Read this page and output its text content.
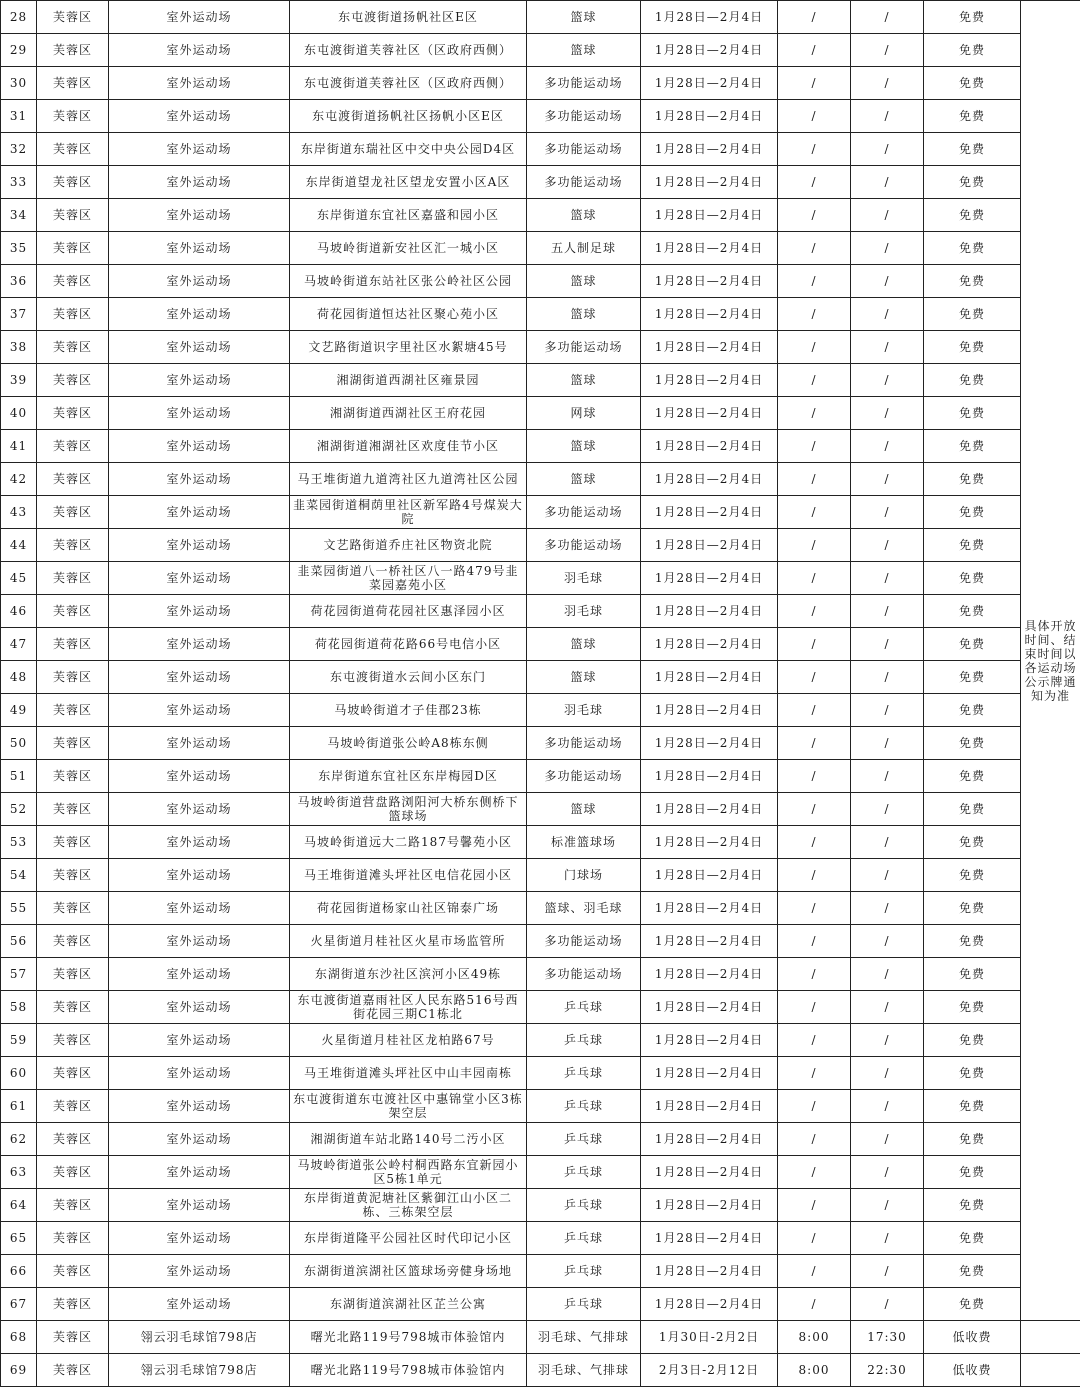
28	芙蓉区	室外运动场	东屯渡街道扬帆社区E区	篮球	1月28日—2月4日	/	/	免费	具体开放时间、结束时间以各运动场公示牌通知为准
29	芙蓉区	室外运动场	东屯渡街道芙蓉社区（区政府西侧）	篮球	1月28日—2月4日	/	/	免费	
30	芙蓉区	室外运动场	东屯渡街道芙蓉社区（区政府西侧）	多功能运动场	1月28日—2月4日	/	/	免费	
31	芙蓉区	室外运动场	东屯渡街道扬帆社区扬帆小区E区	多功能运动场	1月28日—2月4日	/	/	免费	
32	芙蓉区	室外运动场	东岸街道东瑞社区中交中央公园D4区	多功能运动场	1月28日—2月4日	/	/	免费	
33	芙蓉区	室外运动场	东岸街道望龙社区望龙安置小区A区	多功能运动场	1月28日—2月4日	/	/	免费	
34	芙蓉区	室外运动场	东岸街道东宜社区嘉盛和园小区	篮球	1月28日—2月4日	/	/	免费	
35	芙蓉区	室外运动场	马坡岭街道新安社区汇一城小区	五人制足球	1月28日—2月4日	/	/	免费	
36	芙蓉区	室外运动场	马坡岭街道东站社区张公岭社区公园	篮球	1月28日—2月4日	/	/	免费	
37	芙蓉区	室外运动场	荷花园街道恒达社区聚心苑小区	篮球	1月28日—2月4日	/	/	免费	
38	芙蓉区	室外运动场	文艺路街道识字里社区水絮塘45号	多功能运动场	1月28日—2月4日	/	/	免费	
39	芙蓉区	室外运动场	湘湖街道西湖社区雍景园	篮球	1月28日—2月4日	/	/	免费	
40	芙蓉区	室外运动场	湘湖街道西湖社区王府花园	网球	1月28日—2月4日	/	/	免费	
41	芙蓉区	室外运动场	湘湖街道湘湖社区欢度佳节小区	篮球	1月28日—2月4日	/	/	免费	
42	芙蓉区	室外运动场	马王堆街道九道湾社区九道湾社区公园	篮球	1月28日—2月4日	/	/	免费	
43	芙蓉区	室外运动场	韭菜园街道桐荫里社区新军路4号煤炭大院	多功能运动场	1月28日—2月4日	/	/	免费	
44	芙蓉区	室外运动场	文艺路街道乔庄社区物资北院	多功能运动场	1月28日—2月4日	/	/	免费	
45	芙蓉区	室外运动场	韭菜园街道八一桥社区八一路479号韭菜园嘉苑小区	羽毛球	1月28日—2月4日	/	/	免费	
46	芙蓉区	室外运动场	荷花园街道荷花园社区惠泽园小区	羽毛球	1月28日—2月4日	/	/	免费	
47	芙蓉区	室外运动场	荷花园街道荷花路66号电信小区	篮球	1月28日—2月4日	/	/	免费	
48	芙蓉区	室外运动场	东屯渡街道水云间小区东门	篮球	1月28日—2月4日	/	/	免费	
49	芙蓉区	室外运动场	马坡岭街道才子佳郡23栋	羽毛球	1月28日—2月4日	/	/	免费	
50	芙蓉区	室外运动场	马坡岭街道张公岭A8栋东侧	多功能运动场	1月28日—2月4日	/	/	免费	
51	芙蓉区	室外运动场	东岸街道东宜社区东岸梅园D区	多功能运动场	1月28日—2月4日	/	/	免费	
52	芙蓉区	室外运动场	马坡岭街道营盘路浏阳河大桥东侧桥下篮球场	篮球	1月28日—2月4日	/	/	免费	
53	芙蓉区	室外运动场	马坡岭街道远大二路187号馨苑小区	标准篮球场	1月28日—2月4日	/	/	免费	
54	芙蓉区	室外运动场	马王堆街道滩头坪社区电信花园小区	门球场	1月28日—2月4日	/	/	免费	
55	芙蓉区	室外运动场	荷花园街道杨家山社区锦泰广场	篮球、羽毛球	1月28日—2月4日	/	/	免费	
56	芙蓉区	室外运动场	火星街道月桂社区火星市场监管所	多功能运动场	1月28日—2月4日	/	/	免费	
57	芙蓉区	室外运动场	东湖街道东沙社区滨河小区49栋	多功能运动场	1月28日—2月4日	/	/	免费	
58	芙蓉区	室外运动场	东屯渡街道嘉雨社区人民东路516号西街花园三期C1栋北	乒乓球	1月28日—2月4日	/	/	免费	
59	芙蓉区	室外运动场	火星街道月桂社区龙柏路67号	乒乓球	1月28日—2月4日	/	/	免费	
60	芙蓉区	室外运动场	马王堆街道滩头坪社区中山丰园南栋	乒乓球	1月28日—2月4日	/	/	免费	
61	芙蓉区	室外运动场	东屯渡街道东屯渡社区中惠锦堂小区3栋架空层	乒乓球	1月28日—2月4日	/	/	免费	
62	芙蓉区	室外运动场	湘湖街道车站北路140号二汚小区	乒乓球	1月28日—2月4日	/	/	免费	
63	芙蓉区	室外运动场	马坡岭街道张公岭村桐西路东宜新园小区5栋1单元	乒乓球	1月28日—2月4日	/	/	免费	
64	芙蓉区	室外运动场	东岸街道黄泥塘社区紫御江山小区二栋、三栋架空层	乒乓球	1月28日—2月4日	/	/	免费	
65	芙蓉区	室外运动场	东岸街道隆平公园社区时代印记小区	乒乓球	1月28日—2月4日	/	/	免费	
66	芙蓉区	室外运动场	东湖街道滨湖社区篮球场旁健身场地	乒乓球	1月28日—2月4日	/	/	免费	
67	芙蓉区	室外运动场	东湖街道滨湖社区芷兰公寓	乒乓球	1月28日—2月4日	/	/	免费	
68	芙蓉区	翎云羽毛球馆798店	曙光北路119号798城市体验馆内	羽毛球、气排球	1月30日-2月2日	8:00	17:30	低收费	
69	芙蓉区	翎云羽毛球馆798店	曙光北路119号798城市体验馆内	羽毛球、气排球	2月3日-2月12日	8:00	22:30	低收费	
